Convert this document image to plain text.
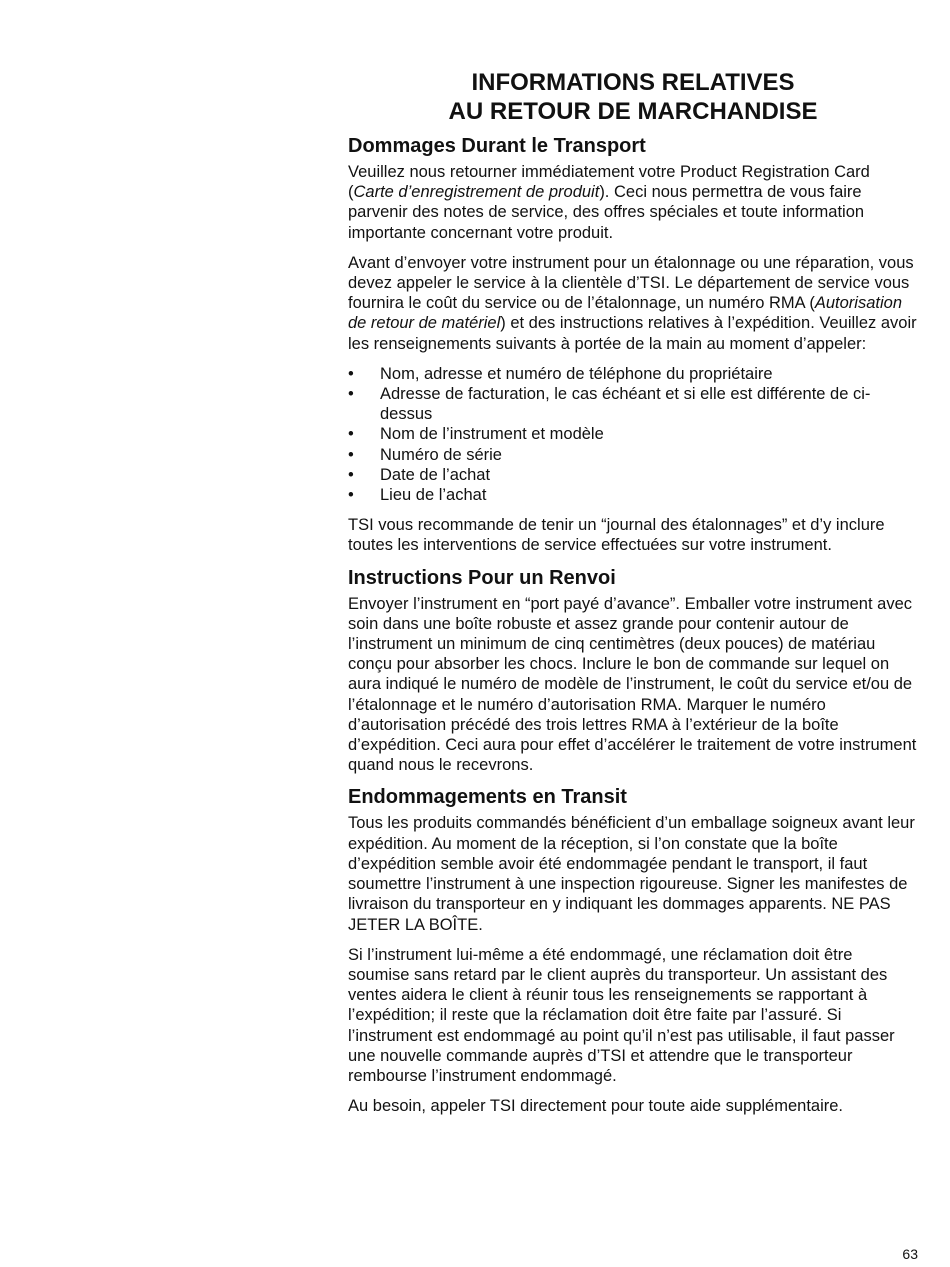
INFORMATIONS RELATIVES
AU RETOUR DE MARCHANDISE
Dommages Durant le Transport

Veuillez nous retourner immédiatement votre Product Registration Card (Carte d’enregistrement de produit). Ceci nous permettra de vous faire parvenir des notes de service, des offres spéciales et toute information importante concernant votre produit.

Avant d’envoyer votre instrument pour un étalonnage ou une réparation, vous devez appeler le service à la clientèle d’TSI. Le département de service vous fournira le coût du service ou de l’étalonnage, un numéro RMA (Autorisation de retour de matériel) et des instructions relatives à l’expédition. Veuillez avoir les renseignements suivants à portée de la main au moment d’appeler:

• Nom, adresse et numéro de téléphone du propriétaire
• Adresse de facturation, le cas échéant et si elle est différente de ci-dessus
• Nom de l’instrument et modèle
• Numéro de série
• Date de l’achat
• Lieu de l’achat

TSI vous recommande de tenir un “journal des étalonnages” et d’y inclure toutes les interventions de service effectuées sur votre instrument.

Instructions Pour un Renvoi

Envoyer l’instrument en “port payé d’avance”. Emballer votre instrument avec soin dans une boîte robuste et assez grande pour contenir autour de l’instrument un minimum de cinq centimètres (deux pouces) de matériau conçu pour absorber les chocs. Inclure le bon de commande sur lequel on aura indiqué le numéro de modèle de l’instrument, le coût du service et/ou de l’étalonnage et le numéro d’autorisation RMA. Marquer le numéro d’autorisation précédé des trois lettres RMA à l’extérieur de la boîte d’expédition. Ceci aura pour effet d’accélérer le traitement de votre instrument quand nous le recevrons.

Endommagements en Transit

Tous les produits commandés bénéficient d’un emballage soigneux avant leur expédition. Au moment de la réception, si l’on constate que la boîte d’expédition semble avoir été endommagée pendant le transport, il faut soumettre l’instrument à une inspection rigoureuse. Signer les manifestes de livraison du transporteur en y indiquant les dommages apparents. NE PAS JETER LA BOÎTE.

Si l’instrument lui-même a été endommagé, une réclamation doit être soumise sans retard par le client auprès du transporteur. Un assistant des ventes aidera le client à réunir tous les renseignements se rapportant à l’expédition; il reste que la réclamation doit être faite par l’assuré. Si l’instrument est endommagé au point qu’il n’est pas utilisable, il faut passer une nouvelle commande auprès d’TSI et attendre que le transporteur rembourse l’instrument endommagé.

Au besoin, appeler TSI directement pour toute aide supplémentaire.

63
